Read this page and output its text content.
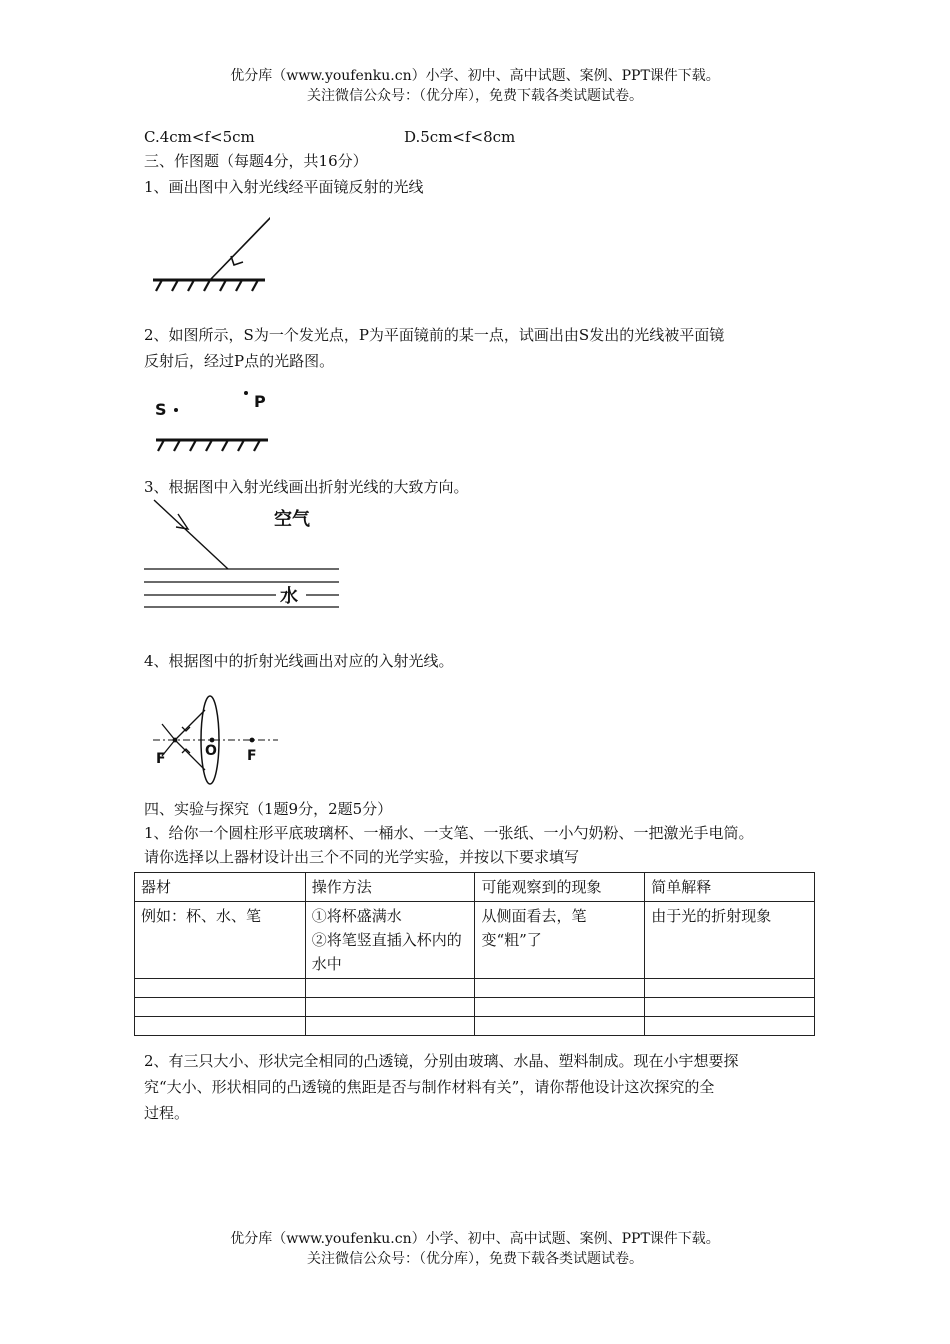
优分库（www.youfenku.cn）小学、初中、高中试题、案例、PPT课件下载。
关注微信公众号：（优分库），免费下载各类试题试卷。
C.4cm<f<5cm	D.5cm<f<8cm
三、作图题（每题4分，共16分）
1、画出图中入射光线经平面镜反射的光线
2、如图所示，S为一个发光点，P为平面镜前的某一点，试画出由S发出的光线被平面镜
反射后，经过P点的光路图。
S	P
3、根据图中入射光线画出折射光线的大致方向。
空气
水
4、根据图中的折射光线画出对应的入射光线。
F	O F
四、实验与探究（1题9分，2题5分）
1、给你一个圆柱形平底玻璃杯、一桶水、一支笔、一张纸、一小勺奶粉、一把激光手电筒。
请你选择以上器材设计出三个不同的光学实验，并按以下要求填写
器材	操作方法	可能观察到的现象	简单解释
例如：杯、水、笔	①将杯盛满水
②将笔竖直插入杯内的水中	从侧面看去，笔变“粗”了	由于光的折射现象

2、有三只大小、形状完全相同的凸透镜，分别由玻璃、水晶、塑料制成。现在小宇想要探
究“大小、形状相同的凸透镜的焦距是否与制作材料有关”，请你帮他设计这次探究的全
过程。
优分库（www.youfenku.cn）小学、初中、高中试题、案例、PPT课件下载。
关注微信公众号：（优分库），免费下载各类试题试卷。
